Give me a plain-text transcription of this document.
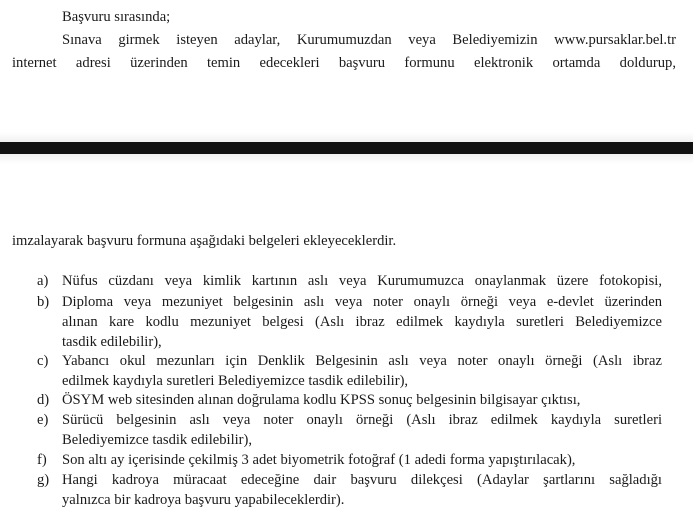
Başvuru sırasında;
Sınava girmek isteyen adaylar, Kurumumuzdan veya Belediyemizin www.pursaklar.bel.tr
internet adresi üzerinden temin edecekleri başvuru formunu elektronik ortamda doldurup,
imzalayarak başvuru formuna aşağıdaki belgeleri ekleyeceklerdir.
a) Nüfus cüzdanı veya kimlik kartının aslı veya Kurumumuzca onaylanmak üzere fotokopisi,
b) Diploma veya mezuniyet belgesinin aslı veya noter onaylı örneği veya e-devlet üzerinden
alınan kare kodlu mezuniyet belgesi (Aslı ibraz edilmek kaydıyla suretleri Belediyemizce
tasdik edilebilir),
c) Yabancı okul mezunları için Denklik Belgesinin aslı veya noter onaylı örneği (Aslı ibraz
edilmek kaydıyla suretleri Belediyemizce tasdik edilebilir),
d) ÖSYM web sitesinden alınan doğrulama kodlu KPSS sonuç belgesinin bilgisayar çıktısı,
e) Sürücü belgesinin aslı veya noter onaylı örneği (Aslı ibraz edilmek kaydıyla suretleri
Belediyemizce tasdik edilebilir),
f)	Son altı ay içerisinde çekilmiş 3 adet biyometrik fotoğraf (1 adedi forma yapıştırılacak),
g) Hangi kadroya müracaat edeceğine dair başvuru dilekçesi (Adaylar şartlarını sağladığı
yalnızca bir kadroya başvuru yapabileceklerdir).
